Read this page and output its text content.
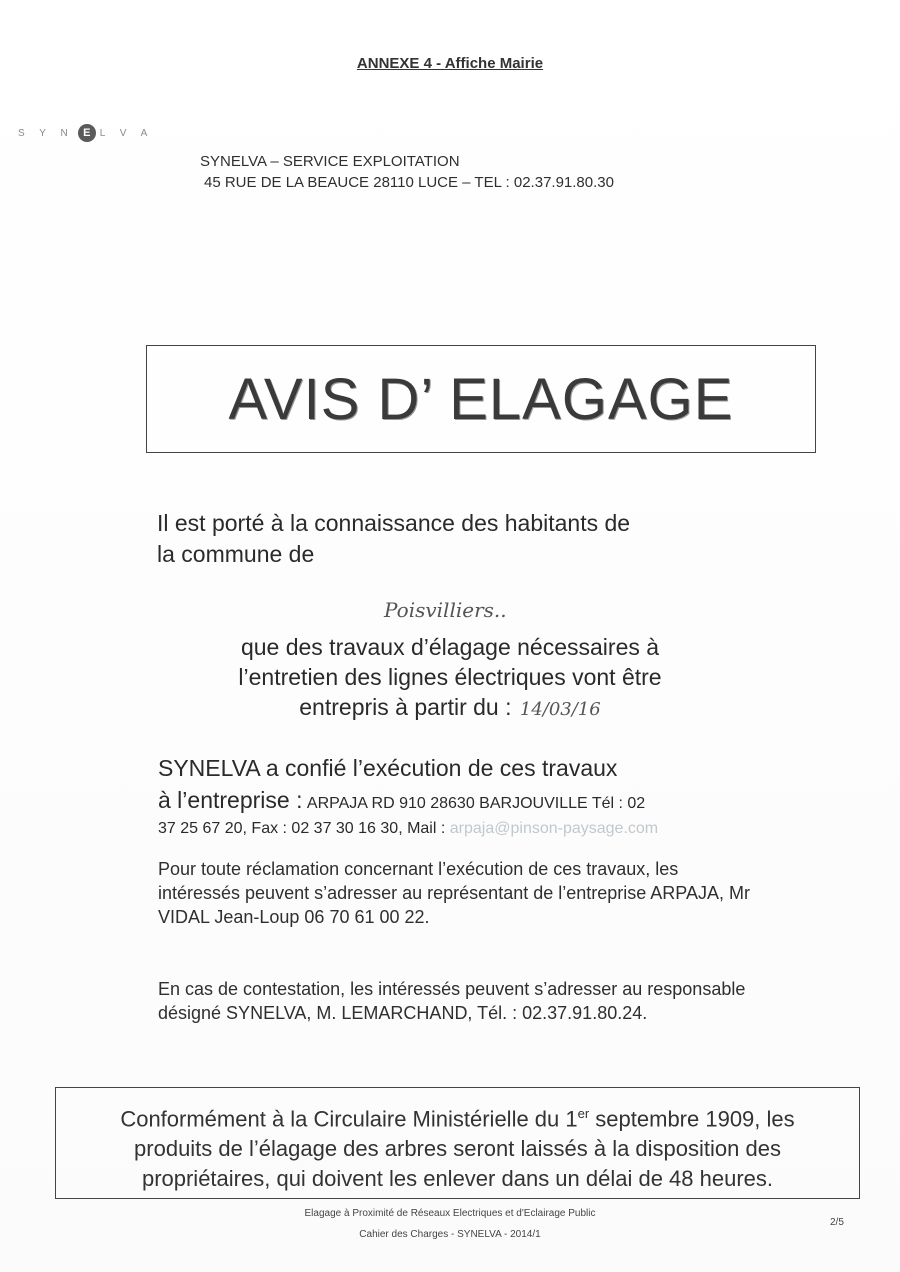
ANNEXE 4 - Affiche Mairie
S Y N E L V A
SYNELVA – SERVICE EXPLOITATION
45 RUE DE LA BEAUCE 28110 LUCE – TEL : 02.37.91.80.30
AVIS D’ ELAGAGE
Il est porté à la connaissance des habitants de
la commune de
Poisvilliers..
que des travaux d’élagage nécessaires à
l’entretien des lignes électriques vont être
entrepris à partir du : 14/03/16
SYNELVA a confié l’exécution de ces travaux
à l’entreprise : ARPAJA RD 910 28630 BARJOUVILLE Tél : 02
37 25 67 20, Fax : 02 37 30 16 30, Mail : arpaja@pinson-paysage.com
Pour toute réclamation concernant l’exécution de ces travaux, les intéressés peuvent s’adresser au représentant de l’entreprise ARPAJA, Mr VIDAL Jean-Loup 06 70 61 00 22.
En cas de contestation, les intéressés peuvent s’adresser au responsable désigné SYNELVA, M. LEMARCHAND, Tél. : 02.37.91.80.24.
Conformément à la Circulaire Ministérielle du 1er septembre 1909, les
produits de l’élagage des arbres seront laissés à la disposition des
propriétaires, qui doivent les enlever dans un délai de 48 heures.
Elagage à Proximité de Réseaux Electriques et d'Eclairage Public
Cahier des Charges - SYNELVA - 2014/1
2/5
